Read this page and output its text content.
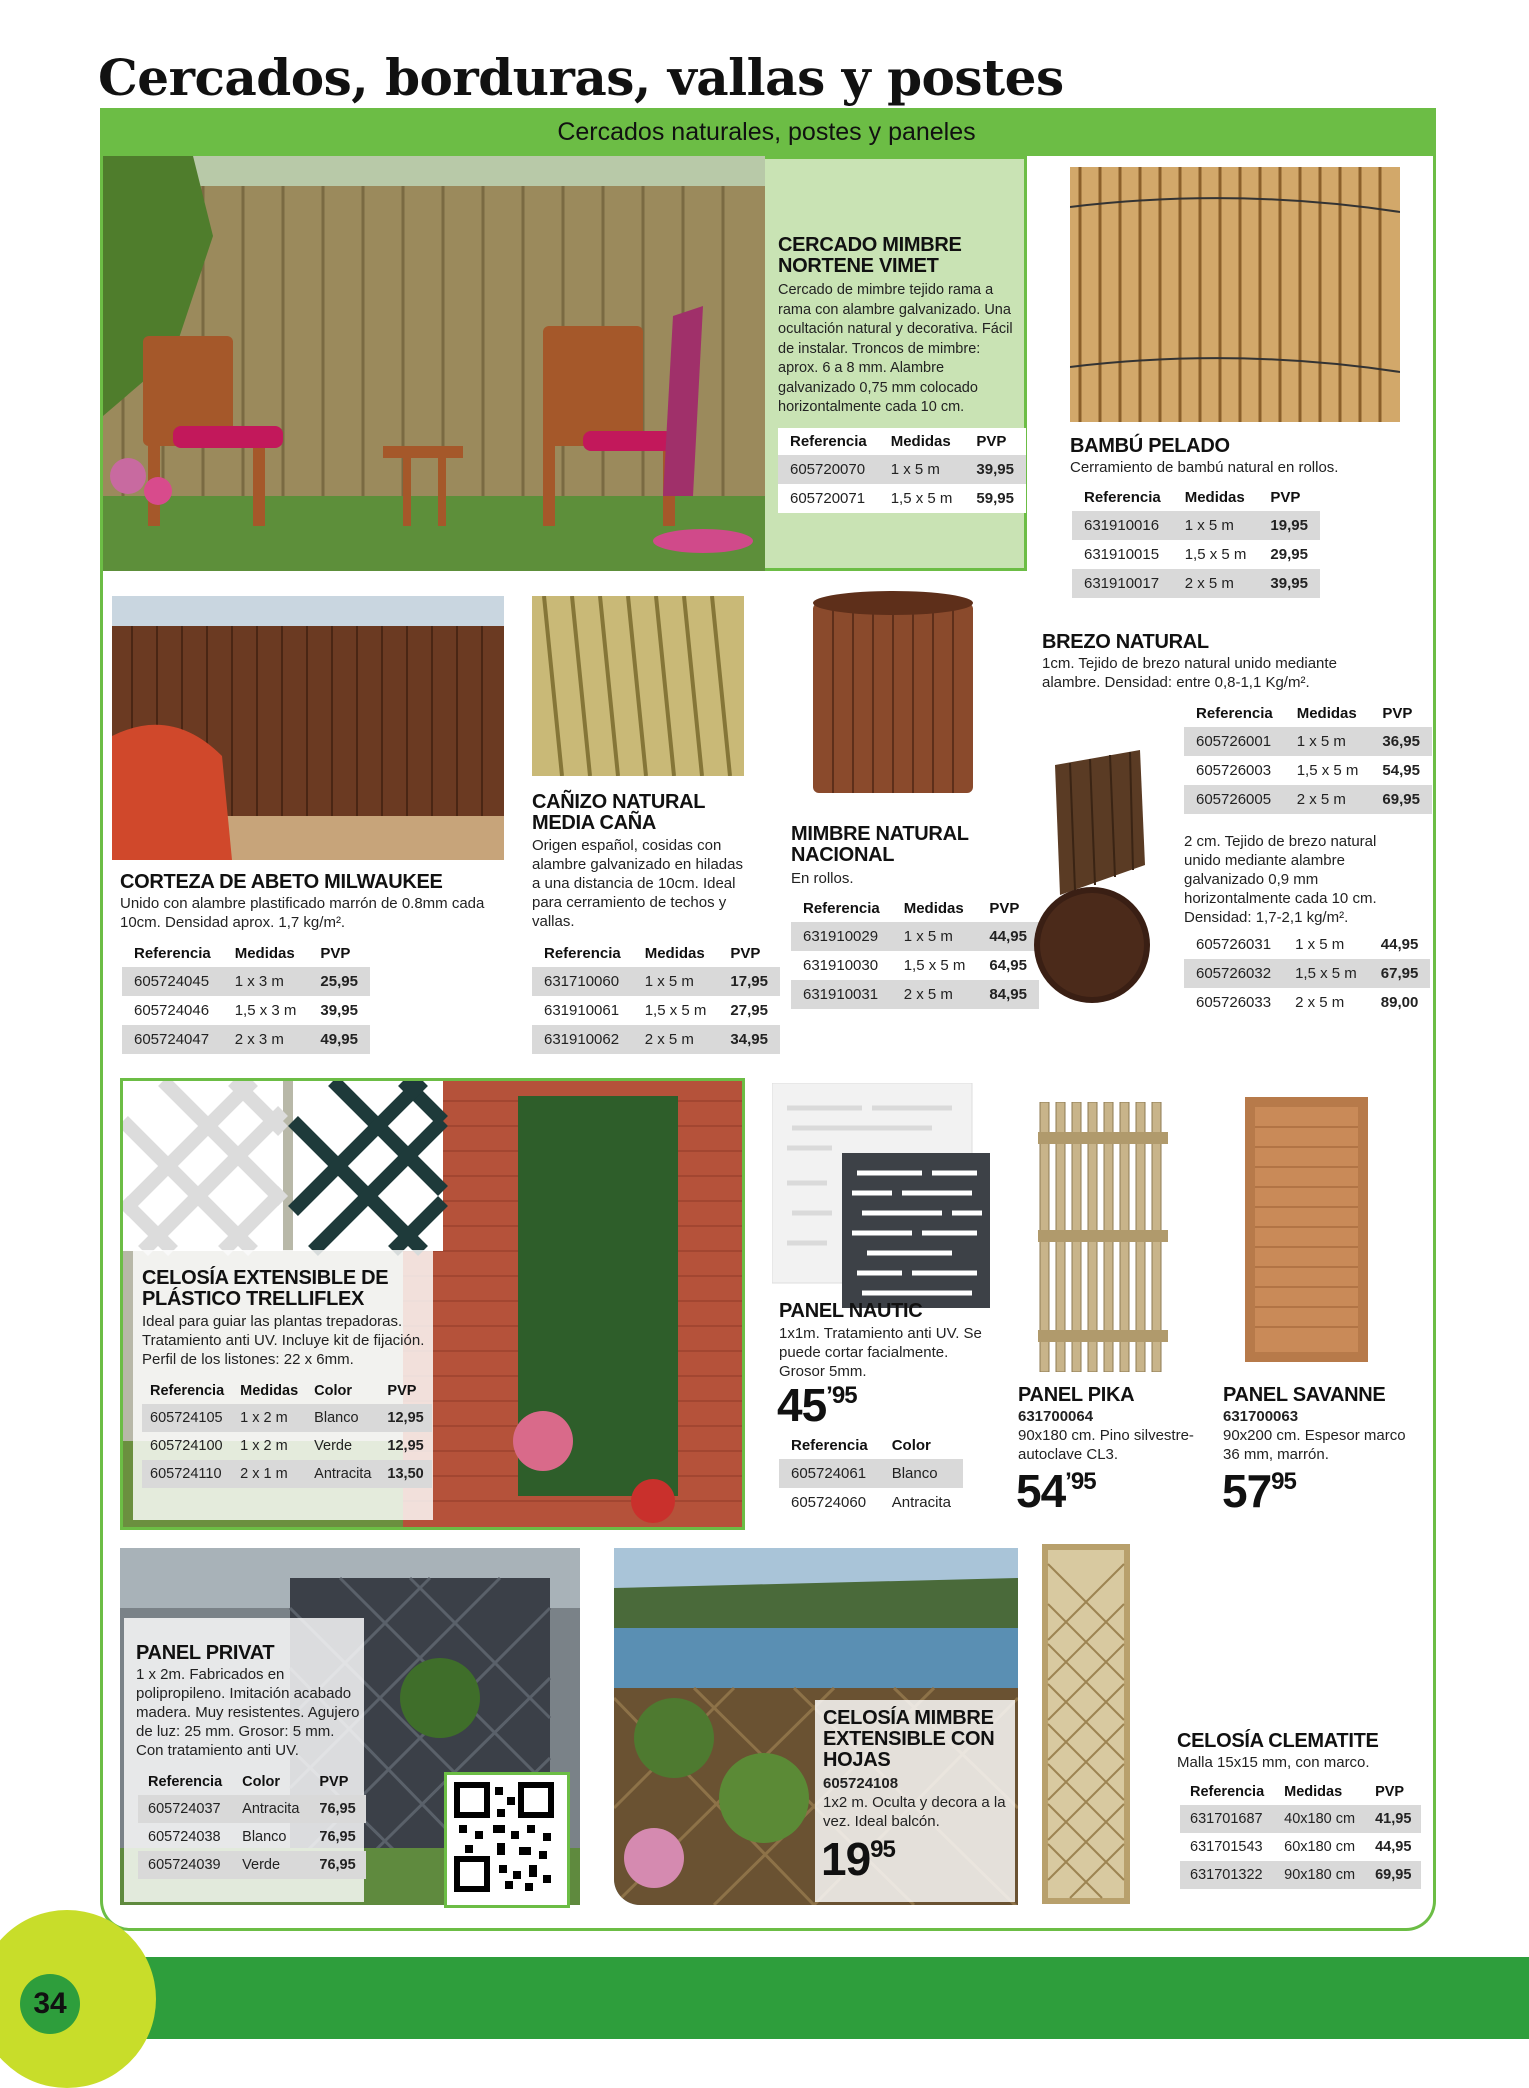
Cercados, borduras, vallas y postes
Cercados naturales, postes y paneles
CERCADO MIMBRE NORTENE VIMET
Cercado de mimbre tejido rama a rama con alambre galvanizado. Una ocultación natural y decorativa. Fácil de instalar. Troncos de mimbre: aprox. 6 a 8 mm. Alambre galvanizado 0,75 mm colocado horizontalmente cada 10 cm.
Referencia	Medidas	PVP
605720070	1 x 5 m	39,95
605720071	1,5 x 5 m	59,95
BAMBÚ PELADO
Cerramiento de bambú natural en rollos.
Referencia	Medidas	PVP
631910016	1 x 5 m	19,95
631910015	1,5 x 5 m	29,95
631910017	2 x 5 m	39,95
CORTEZA DE ABETO MILWAUKEE
Unido con alambre plastificado marrón de 0.8mm cada 10cm. Densidad aprox. 1,7 kg/m².
Referencia	Medidas	PVP
605724045	1 x 3 m	25,95
605724046	1,5 x 3 m	39,95
605724047	2 x 3 m	49,95
CAÑIZO NATURAL MEDIA CAÑA
Origen español, cosidas con alambre galvanizado en hiladas a una distancia de 10cm. Ideal para cerramiento de techos y vallas.
Referencia	Medidas	PVP
631710060	1 x 5 m	17,95
631910061	1,5 x 5 m	27,95
631910062	2 x 5 m	34,95
MIMBRE NATURAL NACIONAL
En rollos.
Referencia	Medidas	PVP
631910029	1 x 5 m	44,95
631910030	1,5 x 5 m	64,95
631910031	2 x 5 m	84,95
BREZO NATURAL
1cm. Tejido de brezo natural unido mediante alambre. Densidad: entre 0,8-1,1 Kg/m².
Referencia	Medidas	PVP
605726001	1 x 5 m	36,95
605726003	1,5 x 5 m	54,95
605726005	2 x 5 m	69,95
2 cm. Tejido de brezo natural unido mediante alambre galvanizado 0,9 mm horizontalmente cada 10 cm. Densidad: 1,7-2,1 kg/m².
605726031	1 x 5 m	44,95
605726032	1,5 x 5 m	67,95
605726033	2 x 5 m	89,00
CELOSÍA EXTENSIBLE DE PLÁSTICO TRELLIFLEX
Ideal para guiar las plantas trepadoras. Tratamiento anti UV. Incluye kit de fijación. Perfil de los listones: 22 x 6mm.
Referencia	Medidas	Color	PVP
605724105	1 x 2 m	Blanco	12,95
605724100	1 x 2 m	Verde	12,95
605724110	2 x 1 m	Antracita	13,50
PANEL NAUTIC
1x1m. Tratamiento anti UV. Se puede cortar facialmente. Grosor 5mm.
$45^{’95}$
Referencia	Color
605724061	Blanco
605724060	Antracita
PANEL PIKA
631700064
90x180 cm. Pino silvestre- autoclave CL3.
$54^{’95}$
PANEL SAVANNE
631700063
90x200 cm. Espesor marco 36 mm, marrón.
$57^{95}$
PANEL PRIVAT
1 x 2m. Fabricados en polipropileno. Imitación acabado madera. Muy resistentes. Agujero de luz: 25 mm. Grosor: 5 mm. Con tratamiento anti UV.
Referencia	Color	PVP
605724037	Antracita	76,95
605724038	Blanco	76,95
605724039	Verde	76,95
CELOSÍA MIMBRE EXTENSIBLE CON HOJAS
605724108
1x2 m. Oculta y decora a la vez. Ideal balcón.
$19^{95}$
CELOSÍA CLEMATITE
Malla 15x15 mm, con marco.
Referencia	Medidas	PVP
631701687	40x180 cm	41,95
631701543	60x180 cm	44,95
631701322	90x180 cm	69,95
34
